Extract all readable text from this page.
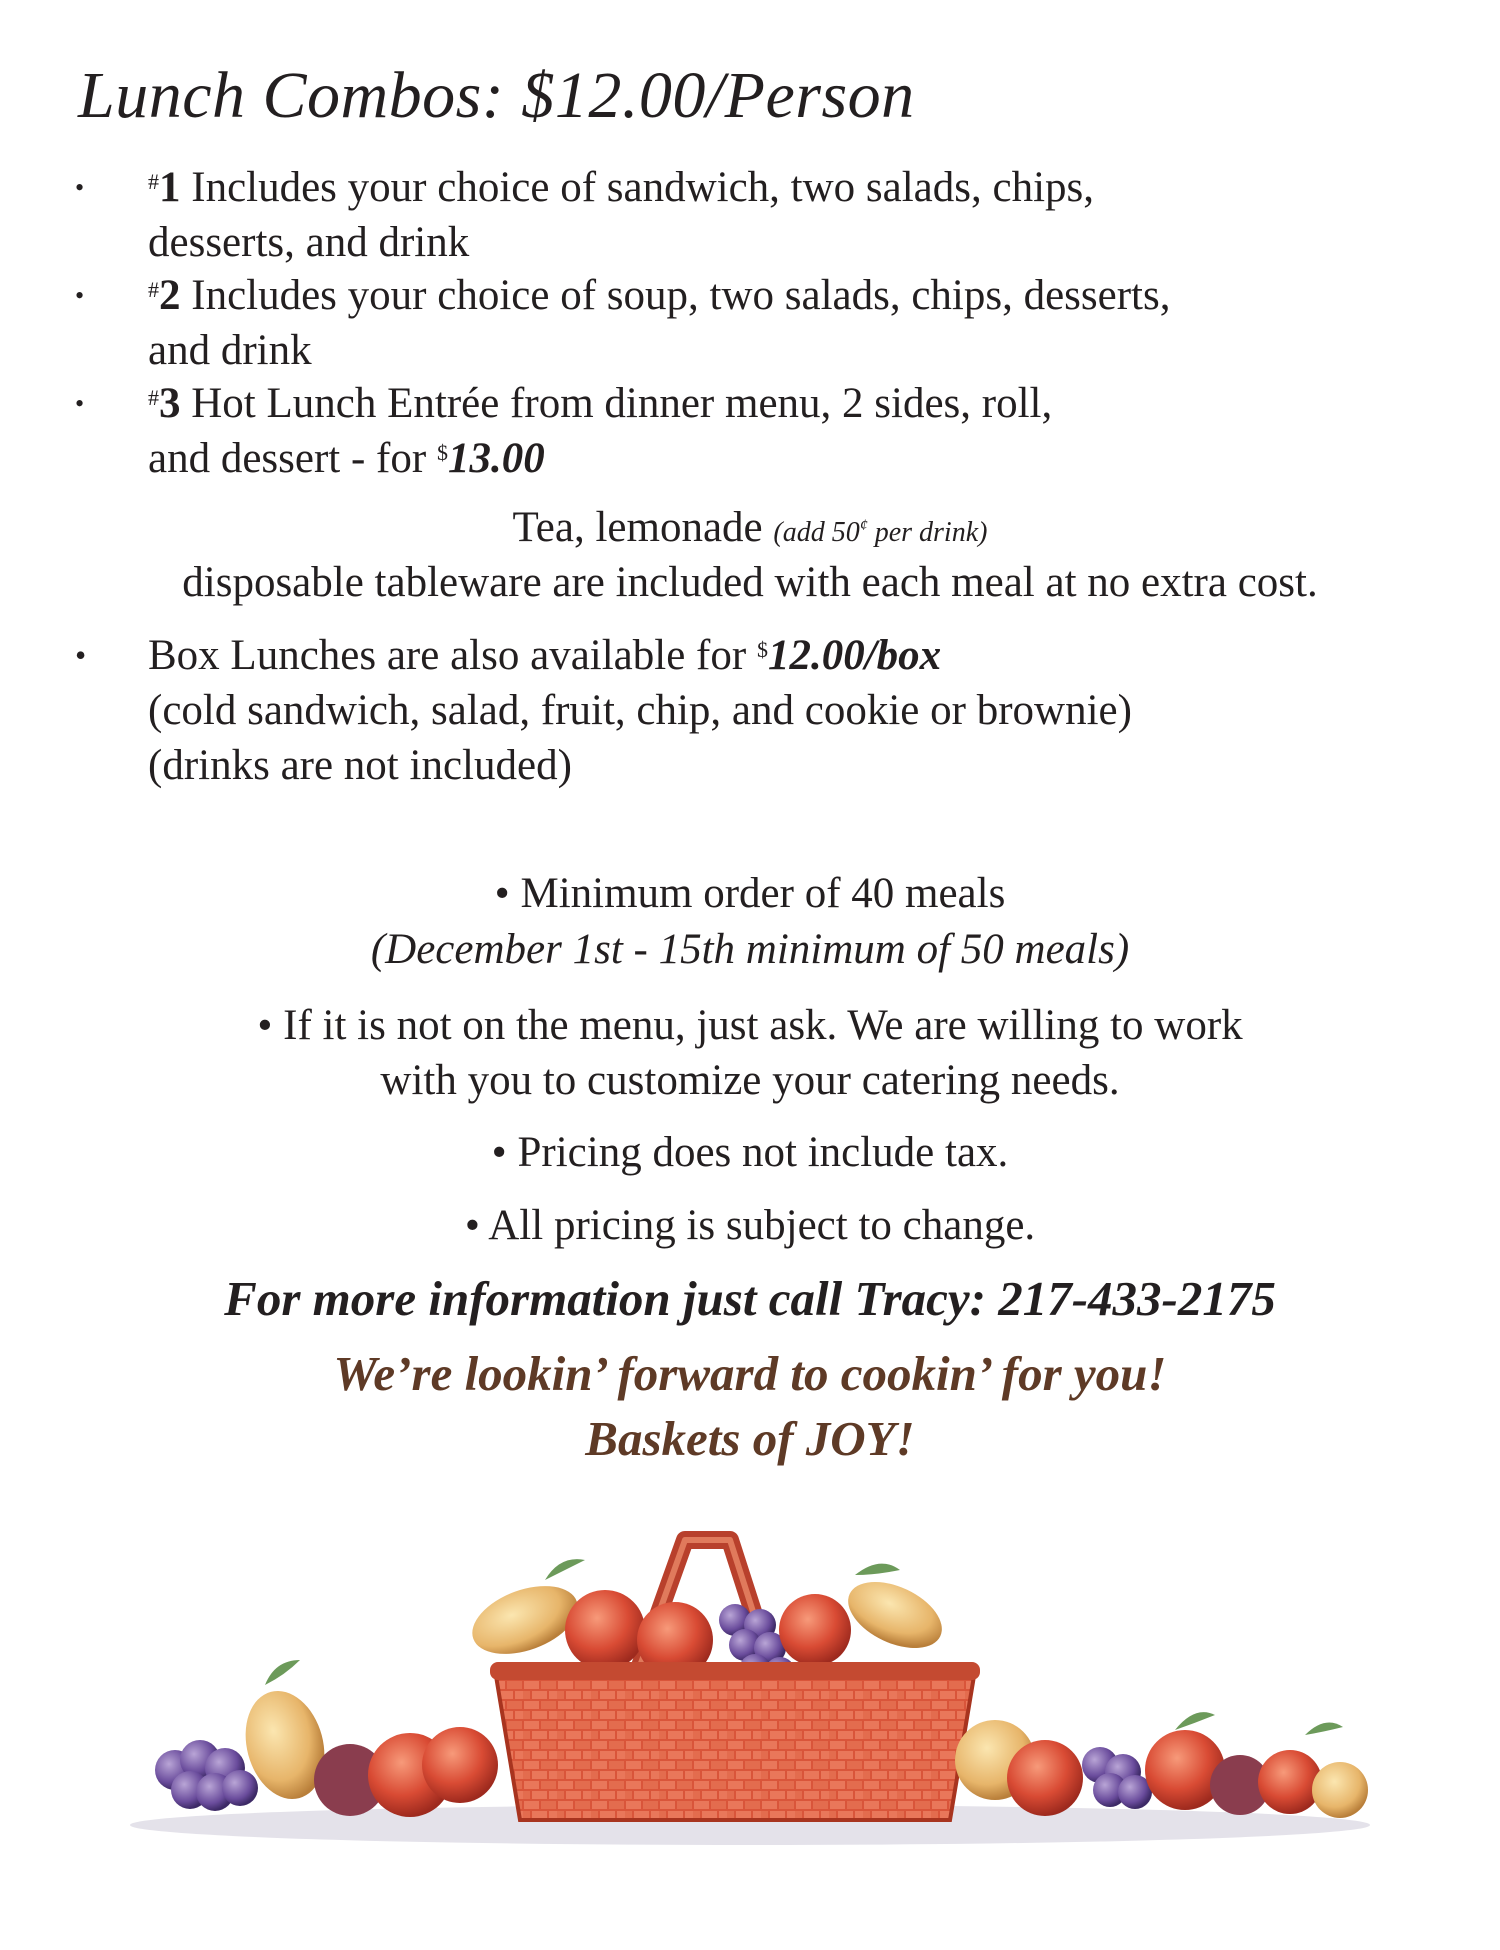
Lunch Combos: $12.00/Person
•	#1 Includes your choice of sandwich, two salads, chips,
desserts, and drink
•	#2 Includes your choice of soup, two salads, chips, desserts,
and drink
•	#3 Hot Lunch Entrée from dinner menu, 2 sides, roll,
and dessert - for $13.00
Tea, lemonade (add 50¢ per drink)
disposable tableware are included with each meal at no extra cost.
• Box Lunches are also available for $12.00/box
(cold sandwich, salad, fruit, chip, and cookie or brownie)
(drinks are not included)
• Minimum order of 40 meals
(December 1st - 15th minimum of 50 meals)
• If it is not on the menu, just ask. We are willing to work
with you to customize your catering needs.
• Pricing does not include tax.
• All pricing is subject to change.
For more information just call Tracy: 217-433-2175
We’re lookin’ forward to cookin’ for you!
Baskets of JOY!
